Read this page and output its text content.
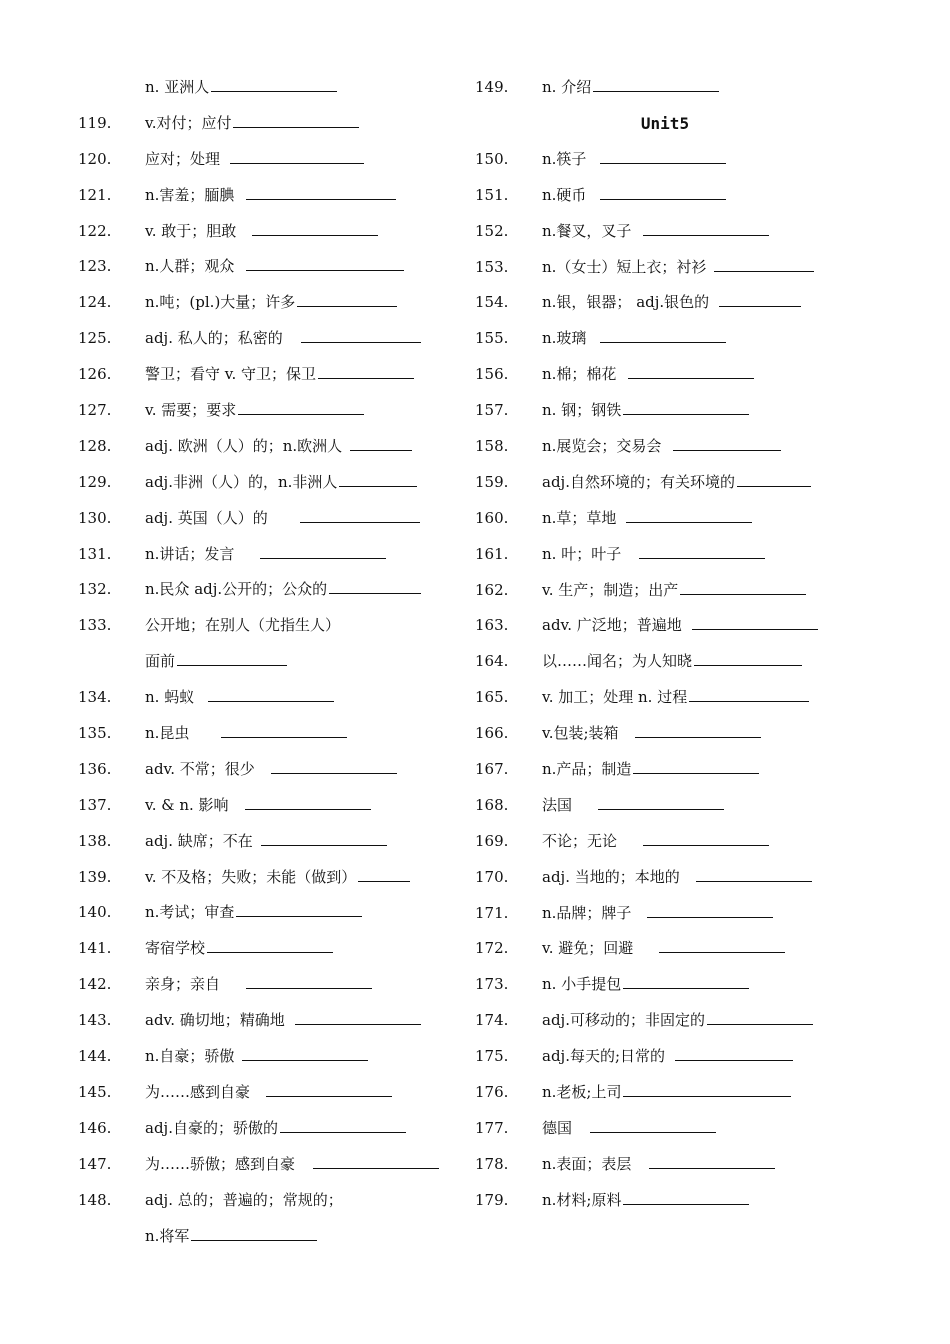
n. 亚洲人
119.	v.对付；应付
120.	应对；处理
121.	n.害羞；腼腆
122.	v. 敢于；胆敢
123.	n.人群；观众
124.	n.吨；(pl.)大量；许多
125.	adj. 私人的；私密的
126.	警卫；看守 v. 守卫；保卫
127.	v. 需要；要求
128.	adj. 欧洲（人）的；n.欧洲人
129.	adj.非洲（人）的，n.非洲人
130.	adj. 英国（人）的
131.	n.讲话；发言
132.	n.民众 adj.公开的；公众的
133.	公开地；在别人（尤指生人）
面前
134.	n. 蚂蚁
135.	n.昆虫
136.	adv. 不常；很少
137.	v. & n. 影响
138.	adj. 缺席；不在
139.	v. 不及格；失败；未能（做到）
140.	n.考试；审查
141.	寄宿学校
142.	亲身；亲自
143.	adv. 确切地；精确地
144.	n.自豪；骄傲
145.	为……感到自豪
146.	adj.自豪的；骄傲的
147.	为……骄傲；感到自豪
148.	adj. 总的；普遍的；常规的；
n.将军
149.	n. 介绍
Unit5
150.	n.筷子
151.	n.硬币
152.	n.餐叉，叉子
153.	n.（女士）短上衣；衬衫
154.	n.银，银器； adj.银色的
155.	n.玻璃
156.	n.棉；棉花
157.	n. 钢；钢铁
158.	n.展览会；交易会
159.	adj.自然环境的；有关环境的
160.	n.草；草地
161.	n. 叶；叶子
162.	v. 生产；制造；出产
163.	adv. 广泛地；普遍地
164.	以……闻名；为人知晓
165.	v. 加工；处理 n. 过程
166.	v.包装;装箱
167.	n.产品；制造
168.	法国
169.	不论；无论
170.	adj. 当地的；本地的
171.	n.品牌；牌子
172.	v. 避免；回避
173.	n. 小手提包
174.	adj.可移动的；非固定的
175.	adj.每天的;日常的
176.	n.老板;上司
177.	德国
178.	n.表面；表层
179.	n.材料;原料
